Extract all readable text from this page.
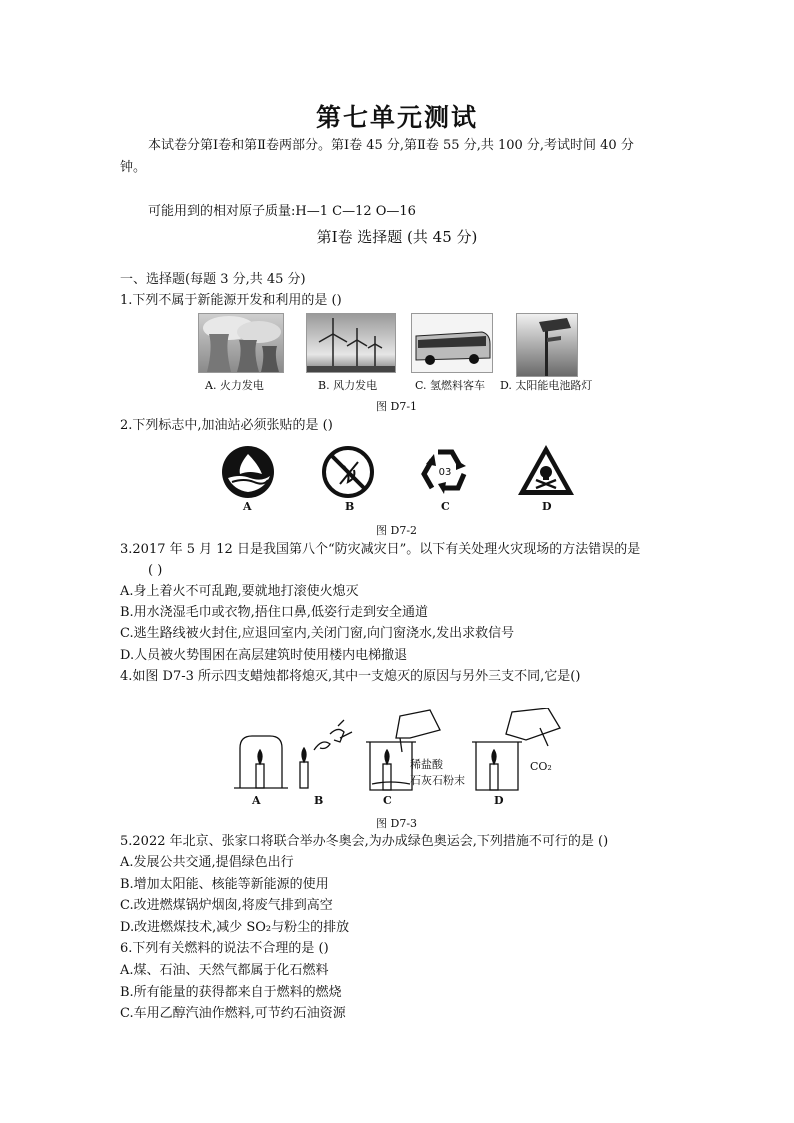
第七单元测试
本试卷分第Ⅰ卷和第Ⅱ卷两部分。第Ⅰ卷 45 分,第Ⅱ卷 55 分,共 100 分,考试时间 40 分
钟。
可能用到的相对原子质量:H—1 C—12 O—16
第Ⅰ卷 选择题 (共 45 分)
一、选择题(每题 3 分,共 45 分)
1.下列不属于新能源开发和利用的是 ()
A. 火力发电	B. 风力发电	C. 氢燃料客车 D. 太阳能电池路灯
图 D7-1
2.下列标志中,加油站必须张贴的是 ()
03
A	B	C	D
图 D7-2
3.2017 年 5 月 12 日是我国第八个“防灾减灾日”。以下有关处理火灾现场的方法错误的是
( )
A.身上着火不可乱跑,要就地打滚使火熄灭
B.用水浇湿毛巾或衣物,捂住口鼻,低姿行走到安全通道
C.逃生路线被火封住,应退回室内,关闭门窗,向门窗浇水,发出求救信号
D.人员被火势围困在高层建筑时使用楼内电梯撤退
4.如图 D7-3 所示四支蜡烛都将熄灭,其中一支熄灭的原因与另外三支不同,它是()
稀盐酸
石灰石粉末
CO₂
A	B	C	D
图 D7-3
5.2022 年北京、张家口将联合举办冬奥会,为办成绿色奥运会,下列措施不可行的是 ()
A.发展公共交通,提倡绿色出行
B.增加太阳能、核能等新能源的使用
C.改进燃煤锅炉烟囱,将废气排到高空
D.改进燃煤技术,减少 SO₂与粉尘的排放
6.下列有关燃料的说法不合理的是 ()
A.煤、石油、天然气都属于化石燃料
B.所有能量的获得都来自于燃料的燃烧
C.车用乙醇汽油作燃料,可节约石油资源
